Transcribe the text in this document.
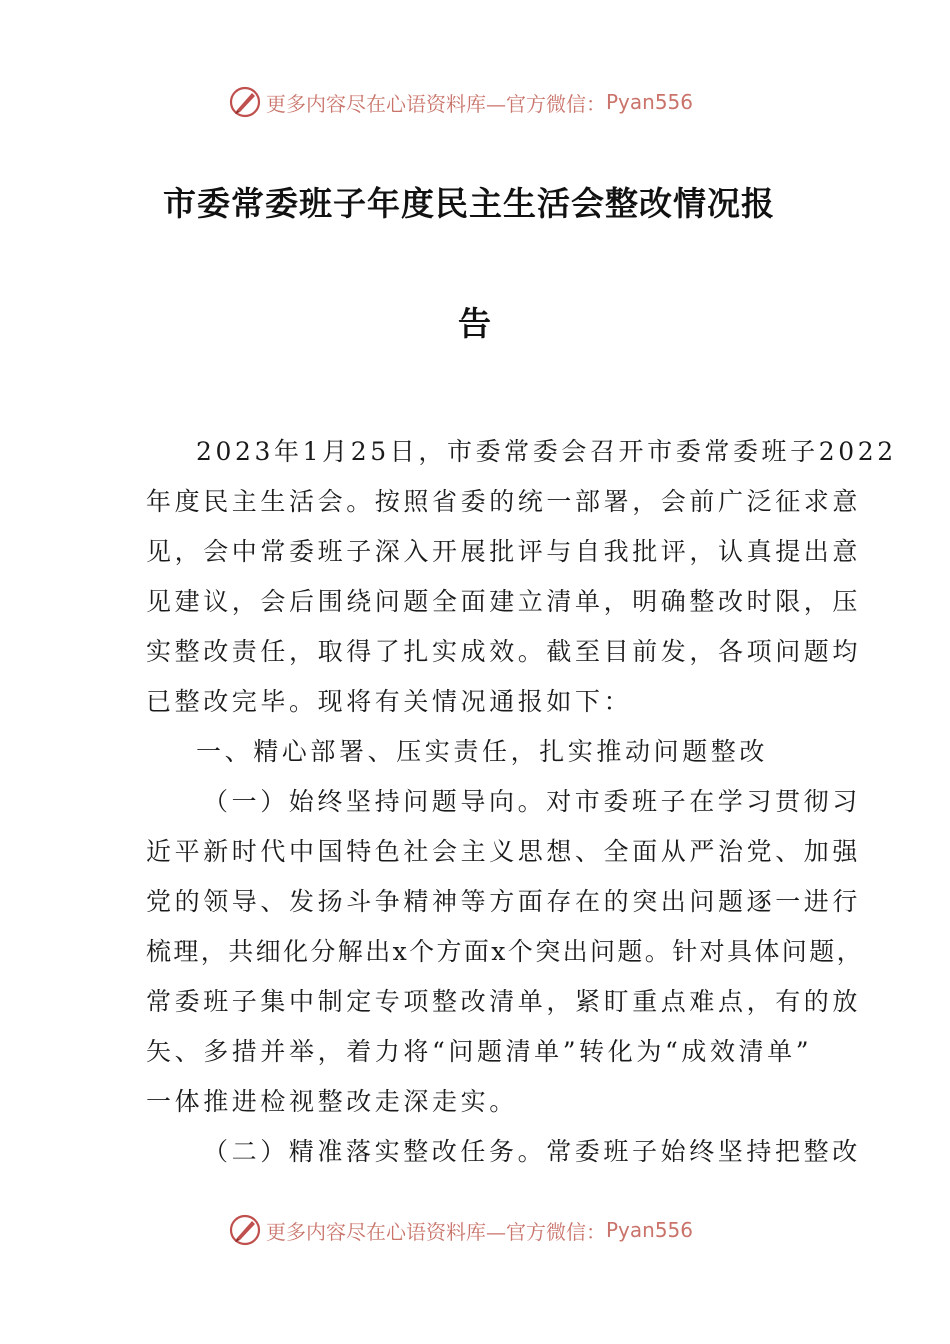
更多内容尽在心语资料库—官方微信： Pyan556
市委常委班子年度民主生活会整改情况报
告
2023年1月25日，市委常委会召开市委常委班子2022
年度民主生活会。按照省委的统一部署，会前广泛征求意
见，会中常委班子深入开展批评与自我批评，认真提出意
见建议，会后围绕问题全面建立清单，明确整改时限，压
实整改责任，取得了扎实成效。截至目前发，各项问题均
已整改完毕。现将有关情况通报如下：
一、精心部署、压实责任，扎实推动问题整改
（一）始终坚持问题导向。对市委班子在学习贯彻习
近平新时代中国特色社会主义思想、全面从严治党、加强
党的领导、发扬斗争精神等方面存在的突出问题逐一进行
梳理，共细化分解出x个方面x个突出问题。针对具体问题，
常委班子集中制定专项整改清单，紧盯重点难点，有的放
矢、多措并举，着力将“问题清单”转化为“成效清单”
一体推进检视整改走深走实。
（二）精准落实整改任务。常委班子始终坚持把整改
更多内容尽在心语资料库—官方微信： Pyan556
